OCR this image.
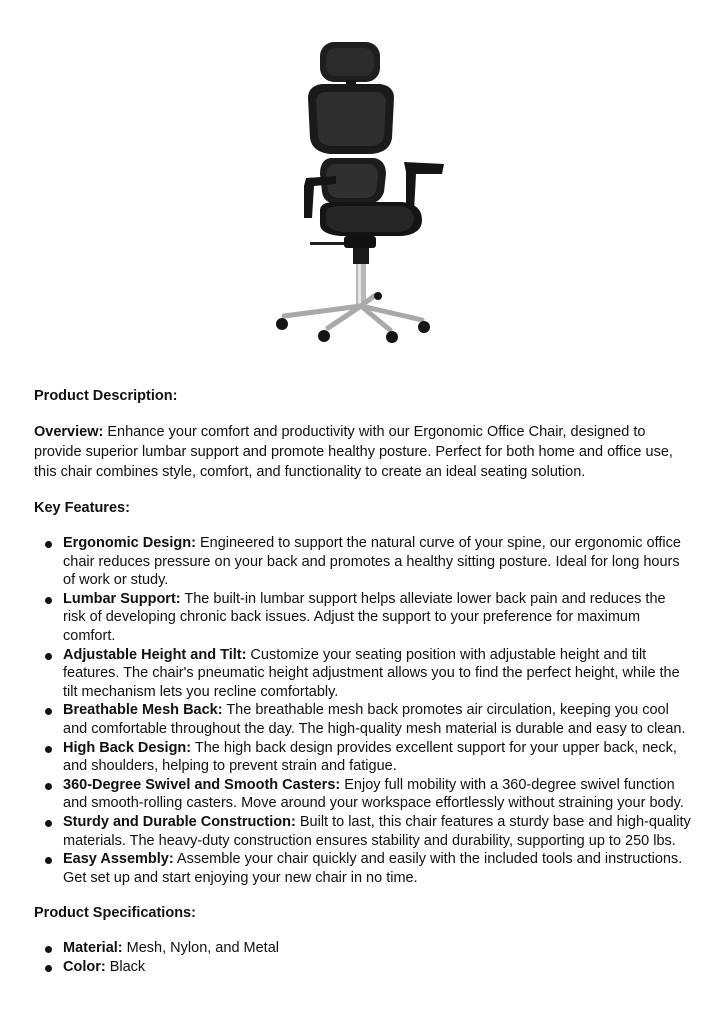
Product Description:

Overview: Enhance your comfort and productivity with our Ergonomic Office Chair, designed to provide superior lumbar support and promote healthy posture. Perfect for both home and office use, this chair combines style, comfort, and functionality to create an ideal seating solution.

Key Features:

Ergonomic Design: Engineered to support the natural curve of your spine, our ergonomic office chair reduces pressure on your back and promotes a healthy sitting posture. Ideal for long hours of work or study.
Lumbar Support: The built-in lumbar support helps alleviate lower back pain and reduces the risk of developing chronic back issues. Adjust the support to your preference for maximum comfort.
Adjustable Height and Tilt: Customize your seating position with adjustable height and tilt features. The chair's pneumatic height adjustment allows you to find the perfect height, while the tilt mechanism lets you recline comfortably.
Breathable Mesh Back: The breathable mesh back promotes air circulation, keeping you cool and comfortable throughout the day. The high-quality mesh material is durable and easy to clean.
High Back Design: The high back design provides excellent support for your upper back, neck, and shoulders, helping to prevent strain and fatigue.
360-Degree Swivel and Smooth Casters: Enjoy full mobility with a 360-degree swivel function and smooth-rolling casters. Move around your workspace effortlessly without straining your body.
Sturdy and Durable Construction: Built to last, this chair features a sturdy base and high-quality materials. The heavy-duty construction ensures stability and durability, supporting up to 250 lbs.
Easy Assembly: Assemble your chair quickly and easily with the included tools and instructions. Get set up and start enjoying your new chair in no time.

Product Specifications:

Material: Mesh, Nylon, and Metal
Color: Black
